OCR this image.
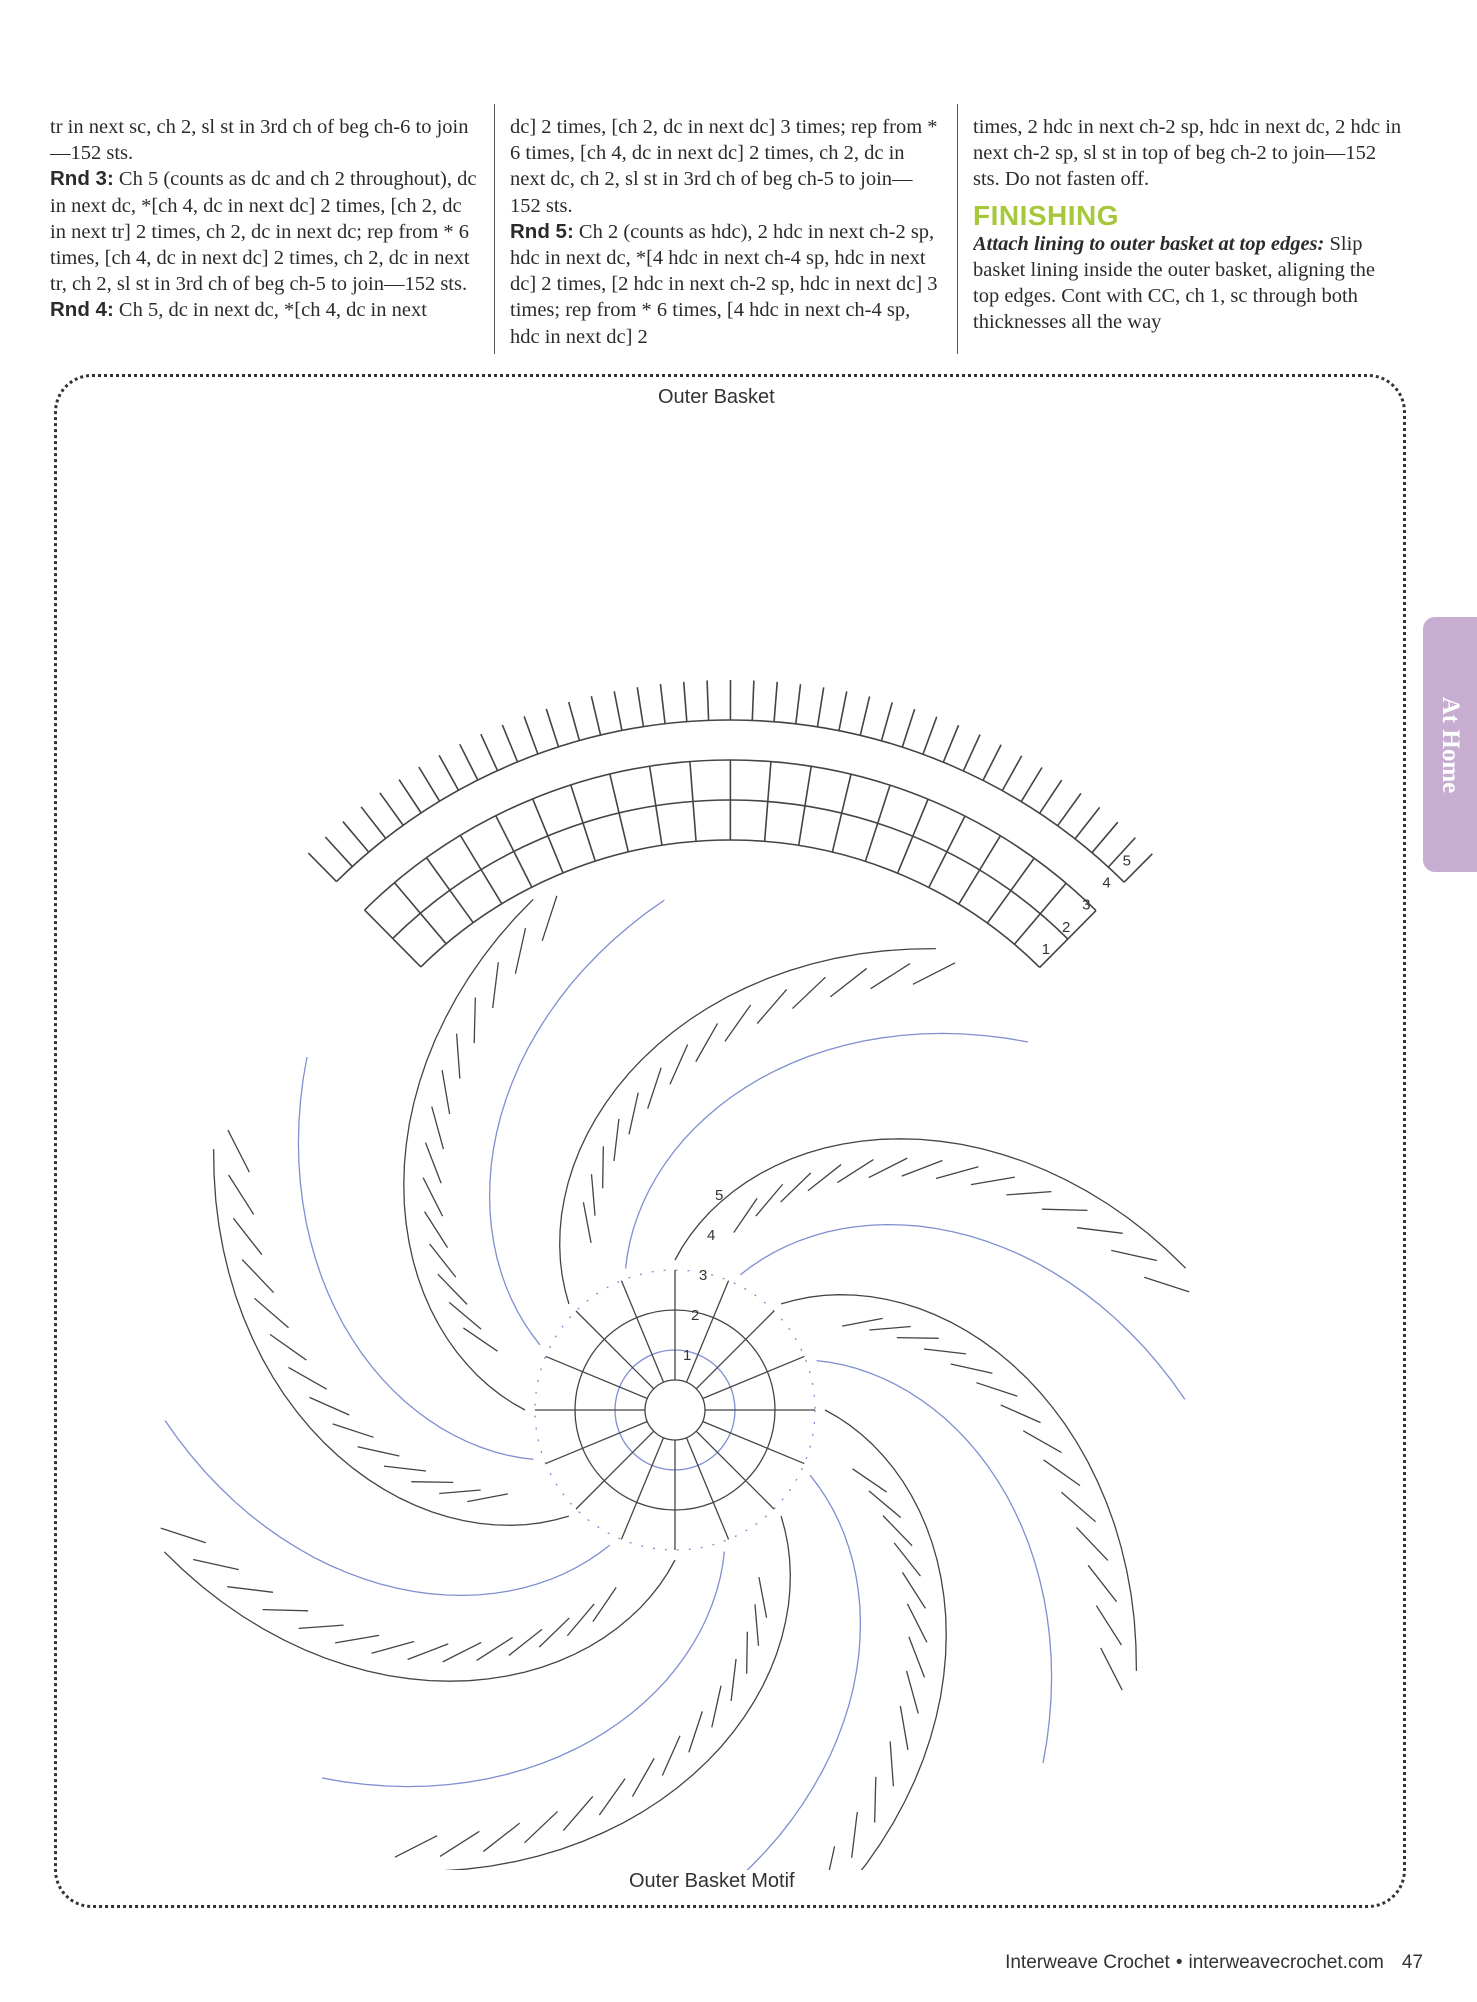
tr in next sc, ch 2, sl st in 3rd ch of beg ch-6 to join—152 sts.
Rnd 3: Ch 5 (counts as dc and ch 2 throughout), dc in next dc, *[ch 4, dc in next dc] 2 times, [ch 2, dc in next tr] 2 times, ch 2, dc in next dc; rep from * 6 times, [ch 4, dc in next dc] 2 times, ch 2, dc in next tr, ch 2, sl st in 3rd ch of beg ch-5 to join—152 sts.
Rnd 4: Ch 5, dc in next dc, *[ch 4, dc in next
dc] 2 times, [ch 2, dc in next dc] 3 times; rep from * 6 times, [ch 4, dc in next dc] 2 times, ch 2, dc in next dc, ch 2, sl st in 3rd ch of beg ch-5 to join—152 sts.
Rnd 5: Ch 2 (counts as hdc), 2 hdc in next ch-2 sp, hdc in next dc, *[4 hdc in next ch-4 sp, hdc in next dc] 2 times, [2 hdc in next ch-2 sp, hdc in next dc] 3 times; rep from * 6 times, [4 hdc in next ch-4 sp, hdc in next dc] 2
times, 2 hdc in next ch-2 sp, hdc in next dc, 2 hdc in next ch-2 sp, sl st in top of beg ch-2 to join—152 sts. Do not fasten off.
FINISHING
Attach lining to outer basket at top edges: Slip basket lining inside the outer basket, aligning the top edges. Cont with CC, ch 1, sc through both thicknesses all the way
Outer Basket
Outer Basket Motif
1
2
3
4
5
1
2
3
4
5
At Home
Interweave Crochet • interweavecrochet.com 47
